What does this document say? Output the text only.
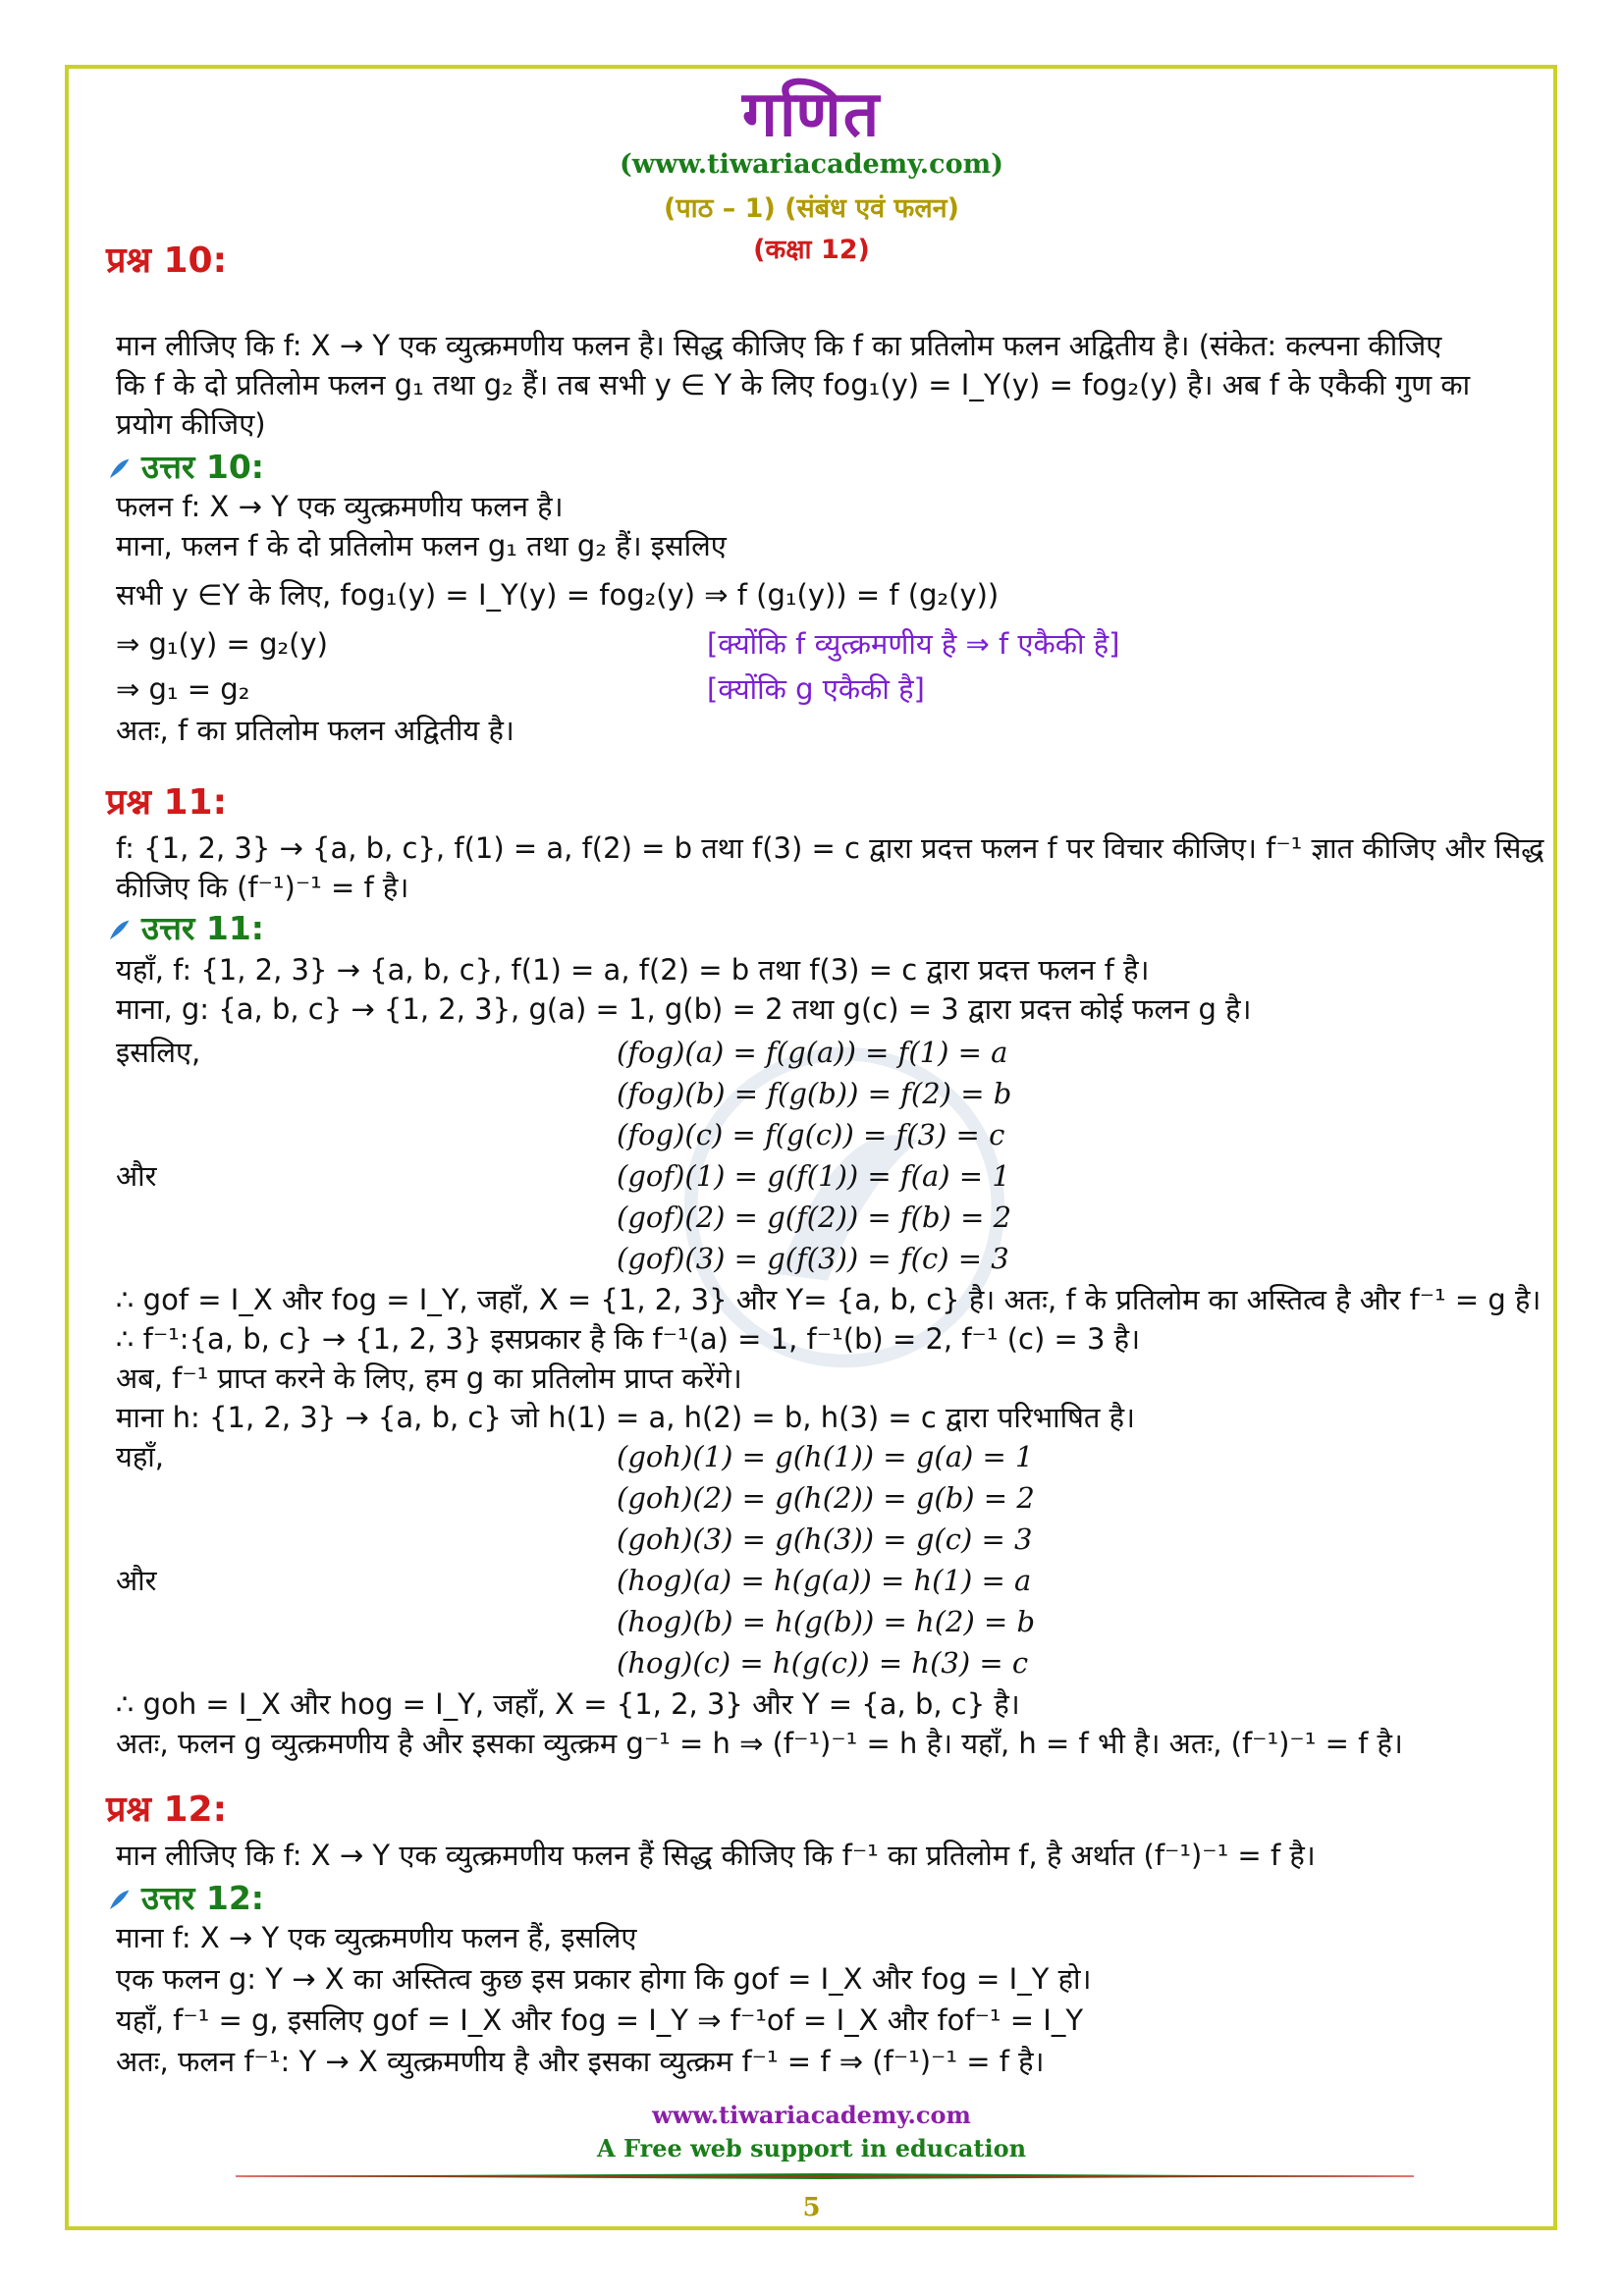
गणित
(www.tiwariacademy.com)
(पाठ – 1) (संबंध एवं फलन)
(कक्षा 12)
प्रश्न 10:
मान लीजिए कि f: X → Y एक व्युत्क्रमणीय फलन है। सिद्ध कीजिए कि f का प्रतिलोम फलन अद्वितीय है। (संकेत: कल्पना कीजिए
कि f के दो प्रतिलोम फलन g₁ तथा g₂ हैं। तब सभी y ∈ Y के लिए fog₁(y) = I_Y(y) = fog₂(y) है। अब f के एकैकी गुण का
प्रयोग कीजिए)
उत्तर 10:
फलन f: X → Y एक व्युत्क्रमणीय फलन है।
माना, फलन f के दो प्रतिलोम फलन g₁ तथा g₂ हैं। इसलिए
सभी y ∈Y के लिए, fog₁(y) = I_Y(y) = fog₂(y) ⇒ f (g₁(y)) = f (g₂(y))
⇒ g₁(y) = g₂(y)	[क्योंकि f व्युत्क्रमणीय है ⇒ f एकैकी है]
⇒ g₁ = g₂	[क्योंकि g एकैकी है]
अतः, f का प्रतिलोम फलन अद्वितीय है।
प्रश्न 11:
f: {1, 2, 3} → {a, b, c}, f(1) = a, f(2) = b तथा f(3) = c द्वारा प्रदत्त फलन f पर विचार कीजिए। f⁻¹ ज्ञात कीजिए और सिद्ध
कीजिए कि (f⁻¹)⁻¹ = f है।
उत्तर 11:
यहाँ, f: {1, 2, 3} → {a, b, c}, f(1) = a, f(2) = b तथा f(3) = c द्वारा प्रदत्त फलन f है।
माना, g: {a, b, c} → {1, 2, 3}, g(a) = 1, g(b) = 2 तथा g(c) = 3 द्वारा प्रदत्त कोई फलन g है।
इसलिए,	(fog)(a) = f(g(a)) = f(1) = a
(fog)(b) = f(g(b)) = f(2) = b
(fog)(c) = f(g(c)) = f(3) = c
और	(gof)(1) = g(f(1)) = f(a) = 1
(gof)(2) = g(f(2)) = f(b) = 2
(gof)(3) = g(f(3)) = f(c) = 3
∴ gof = I_X और fog = I_Y, जहाँ, X = {1, 2, 3} और Y= {a, b, c} है। अतः, f के प्रतिलोम का अस्तित्व है और f⁻¹ = g है।
∴ f⁻¹:{a, b, c} → {1, 2, 3} इसप्रकार है कि f⁻¹(a) = 1, f⁻¹(b) = 2, f⁻¹ (c) = 3 है।
अब, f⁻¹ प्राप्त करने के लिए, हम g का प्रतिलोम प्राप्त करेंगे।
माना h: {1, 2, 3} → {a, b, c} जो h(1) = a, h(2) = b, h(3) = c द्वारा परिभाषित है।
यहाँ,	(goh)(1) = g(h(1)) = g(a) = 1
(goh)(2) = g(h(2)) = g(b) = 2
(goh)(3) = g(h(3)) = g(c) = 3
और	(hog)(a) = h(g(a)) = h(1) = a
(hog)(b) = h(g(b)) = h(2) = b
(hog)(c) = h(g(c)) = h(3) = c
∴ goh = I_X और hog = I_Y, जहाँ, X = {1, 2, 3} और Y = {a, b, c} है।
अतः, फलन g व्युत्क्रमणीय है और इसका व्युत्क्रम g⁻¹ = h ⇒ (f⁻¹)⁻¹ = h है। यहाँ, h = f भी है। अतः, (f⁻¹)⁻¹ = f है।
प्रश्न 12:
मान लीजिए कि f: X → Y एक व्युत्क्रमणीय फलन हैं सिद्ध कीजिए कि f⁻¹ का प्रतिलोम f, है अर्थात (f⁻¹)⁻¹ = f है।
उत्तर 12:
माना f: X → Y एक व्युत्क्रमणीय फलन हैं, इसलिए
एक फलन g: Y → X का अस्तित्व कुछ इस प्रकार होगा कि gof = I_X और fog = I_Y हो।
यहाँ, f⁻¹ = g, इसलिए gof = I_X और fog = I_Y ⇒ f⁻¹of = I_X और fof⁻¹ = I_Y
अतः, फलन f⁻¹: Y → X व्युत्क्रमणीय है और इसका व्युत्क्रम f⁻¹ = f ⇒ (f⁻¹)⁻¹ = f है।
www.tiwariacademy.com
A Free web support in education
5
